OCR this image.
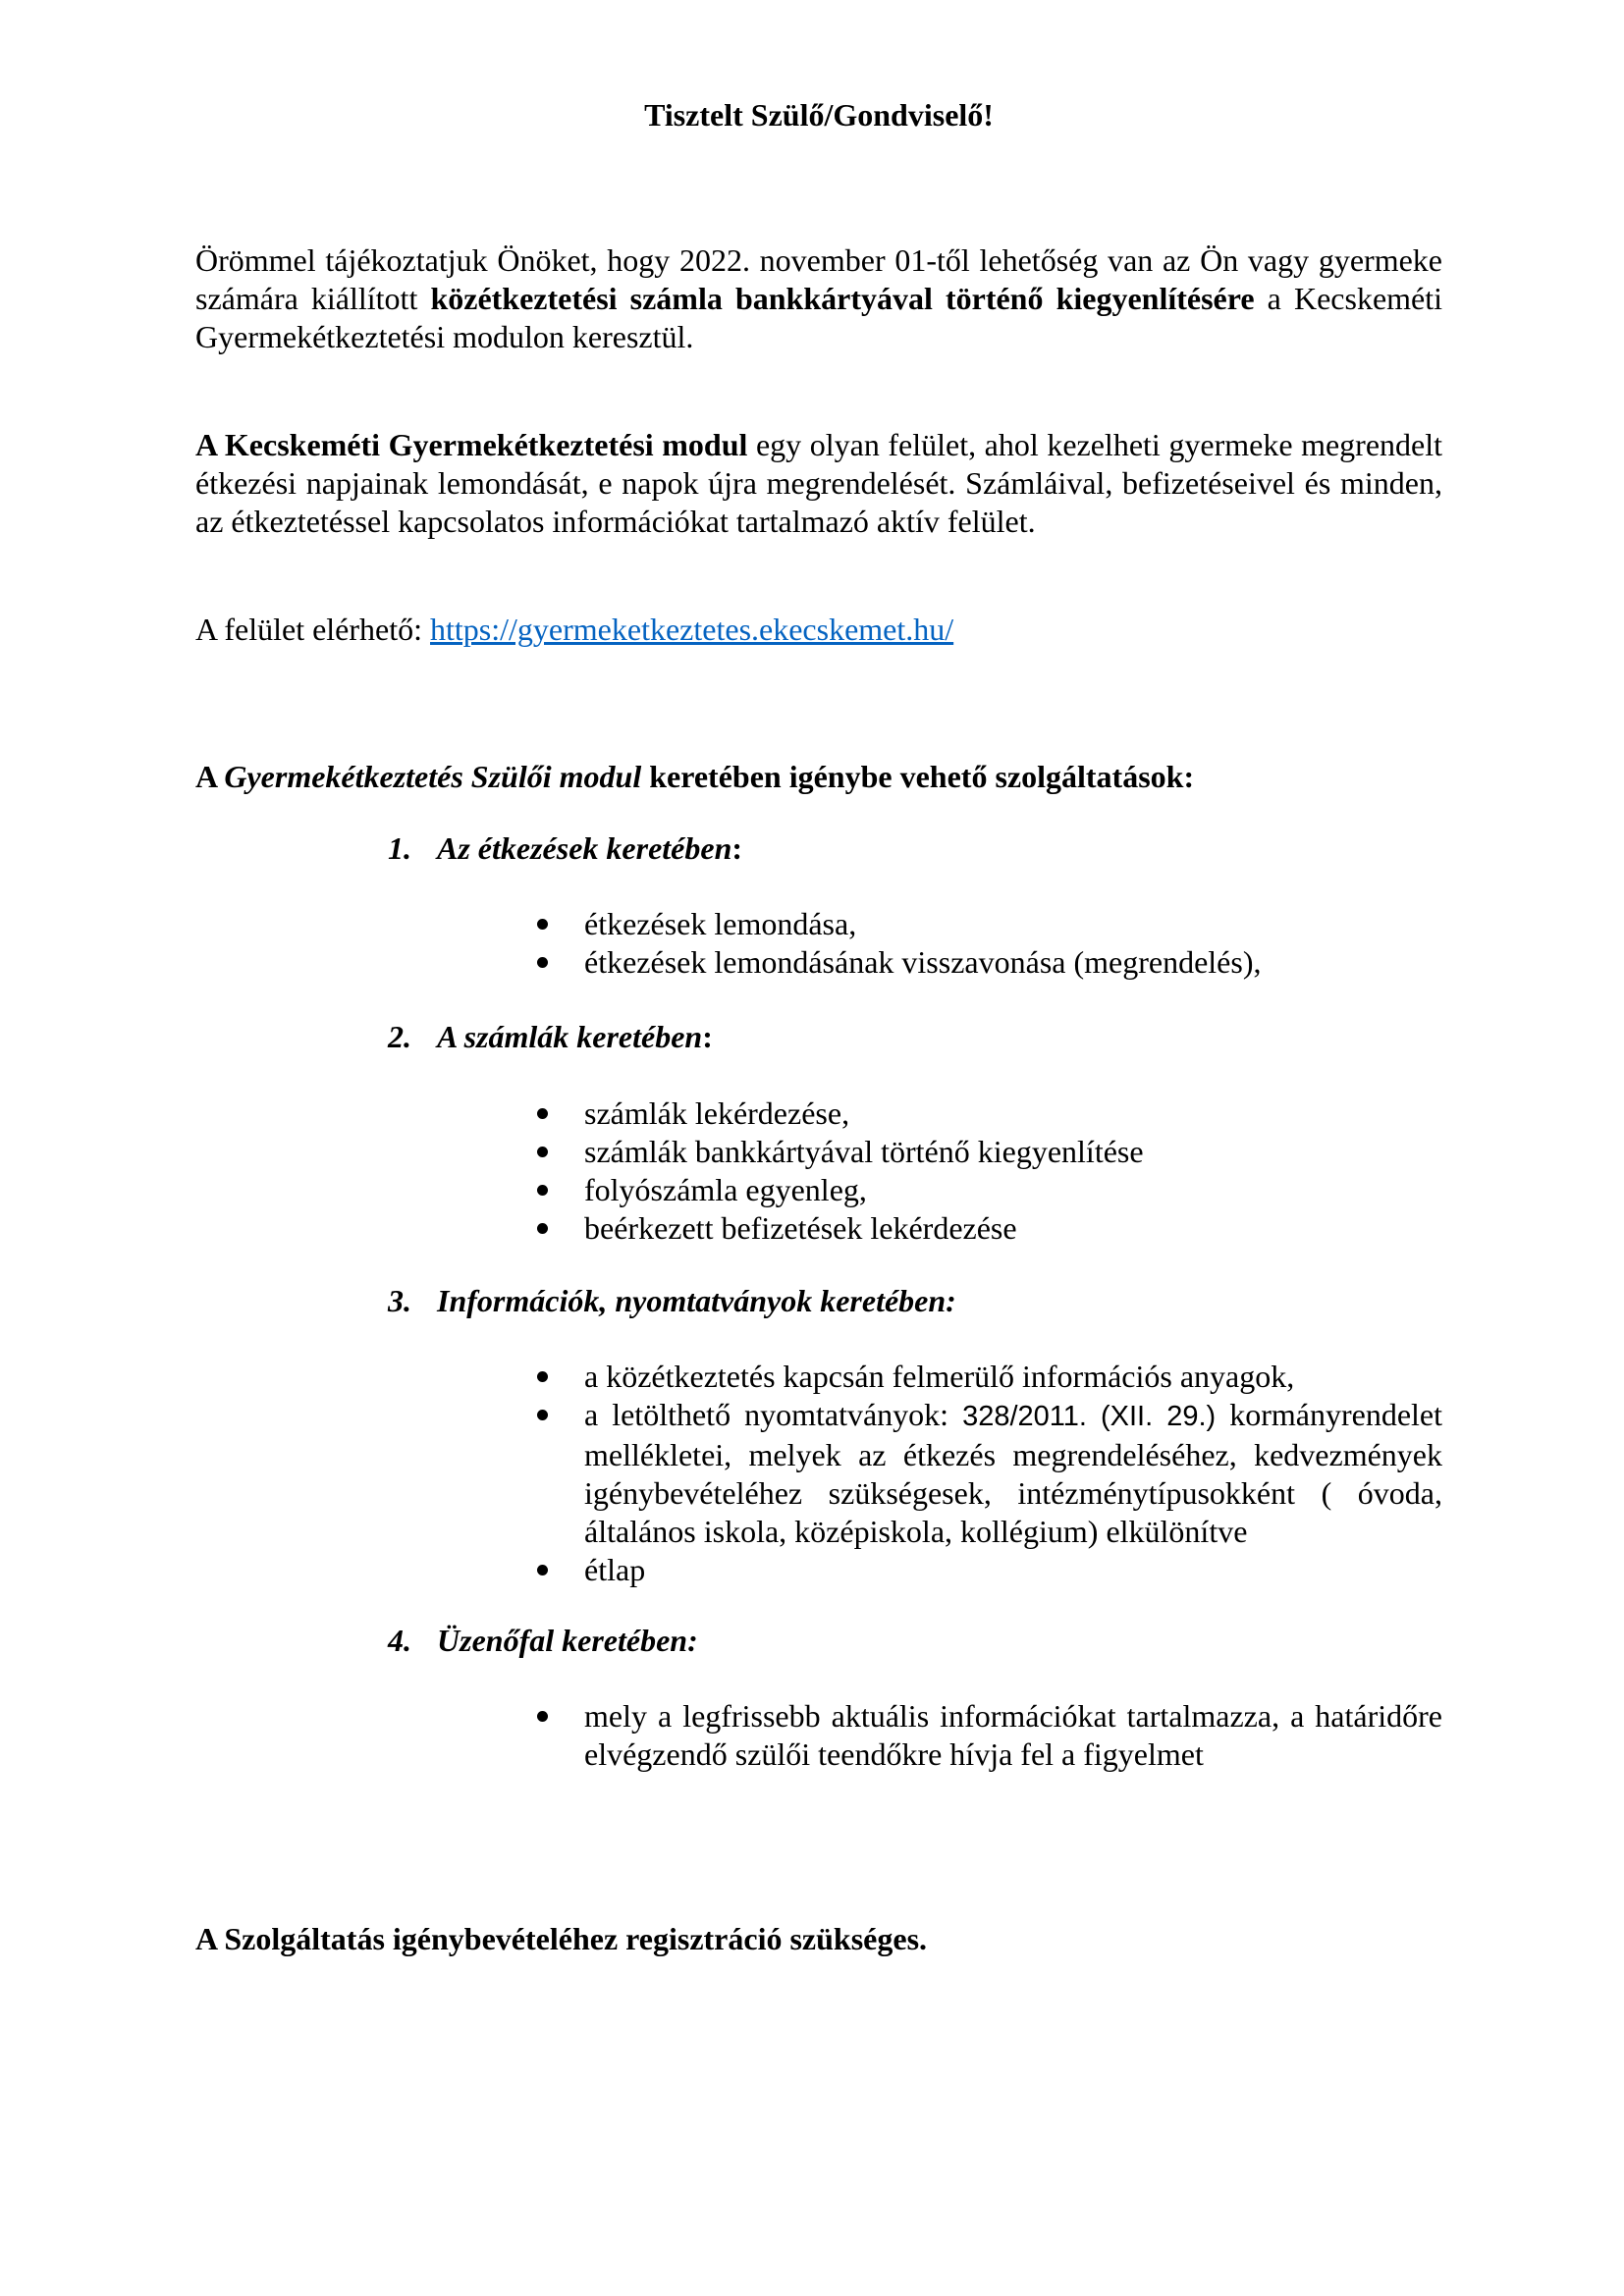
Tisztelt Szülő/Gondviselő!

Örömmel tájékoztatjuk Önöket, hogy 2022. november 01-től lehetőség van az Ön vagy gyermeke számára kiállított közétkeztetési számla bankkártyával történő kiegyenlítésére a Kecskeméti Gyermekétkeztetési modulon keresztül.

A Kecskeméti Gyermekétkeztetési modul egy olyan felület, ahol kezelheti gyermeke megrendelt étkezési napjainak lemondását, e napok újra megrendelését. Számláival, befizetéseivel és minden, az étkeztetéssel kapcsolatos információkat tartalmazó aktív felület.

A felület elérhető: https://gyermeketkeztetes.ekecskemet.hu/

A Gyermekétkeztetés Szülői modul keretében igénybe vehető szolgáltatások:

1. Az étkezések keretében:

étkezések lemondása,
étkezések lemondásának visszavonása (megrendelés),

2. A számlák keretében:

számlák lekérdezése,
számlák bankkártyával történő kiegyenlítése
folyószámla egyenleg,
beérkezett befizetések lekérdezése

3. Információk, nyomtatványok keretében:

a közétkeztetés kapcsán felmerülő információs anyagok,
a letölthető nyomtatványok: 328/2011. (XII. 29.) kormányrendelet mellékletei, melyek az étkezés megrendeléséhez, kedvezmények igénybevételéhez szükségesek, intézménytípusokként ( óvoda, általános iskola, középiskola, kollégium) elkülönítve
étlap

4. Üzenőfal keretében:

mely a legfrissebb aktuális információkat tartalmazza, a határidőre elvégzendő szülői teendőkre hívja fel a figyelmet

A Szolgáltatás igénybevételéhez regisztráció szükséges.
